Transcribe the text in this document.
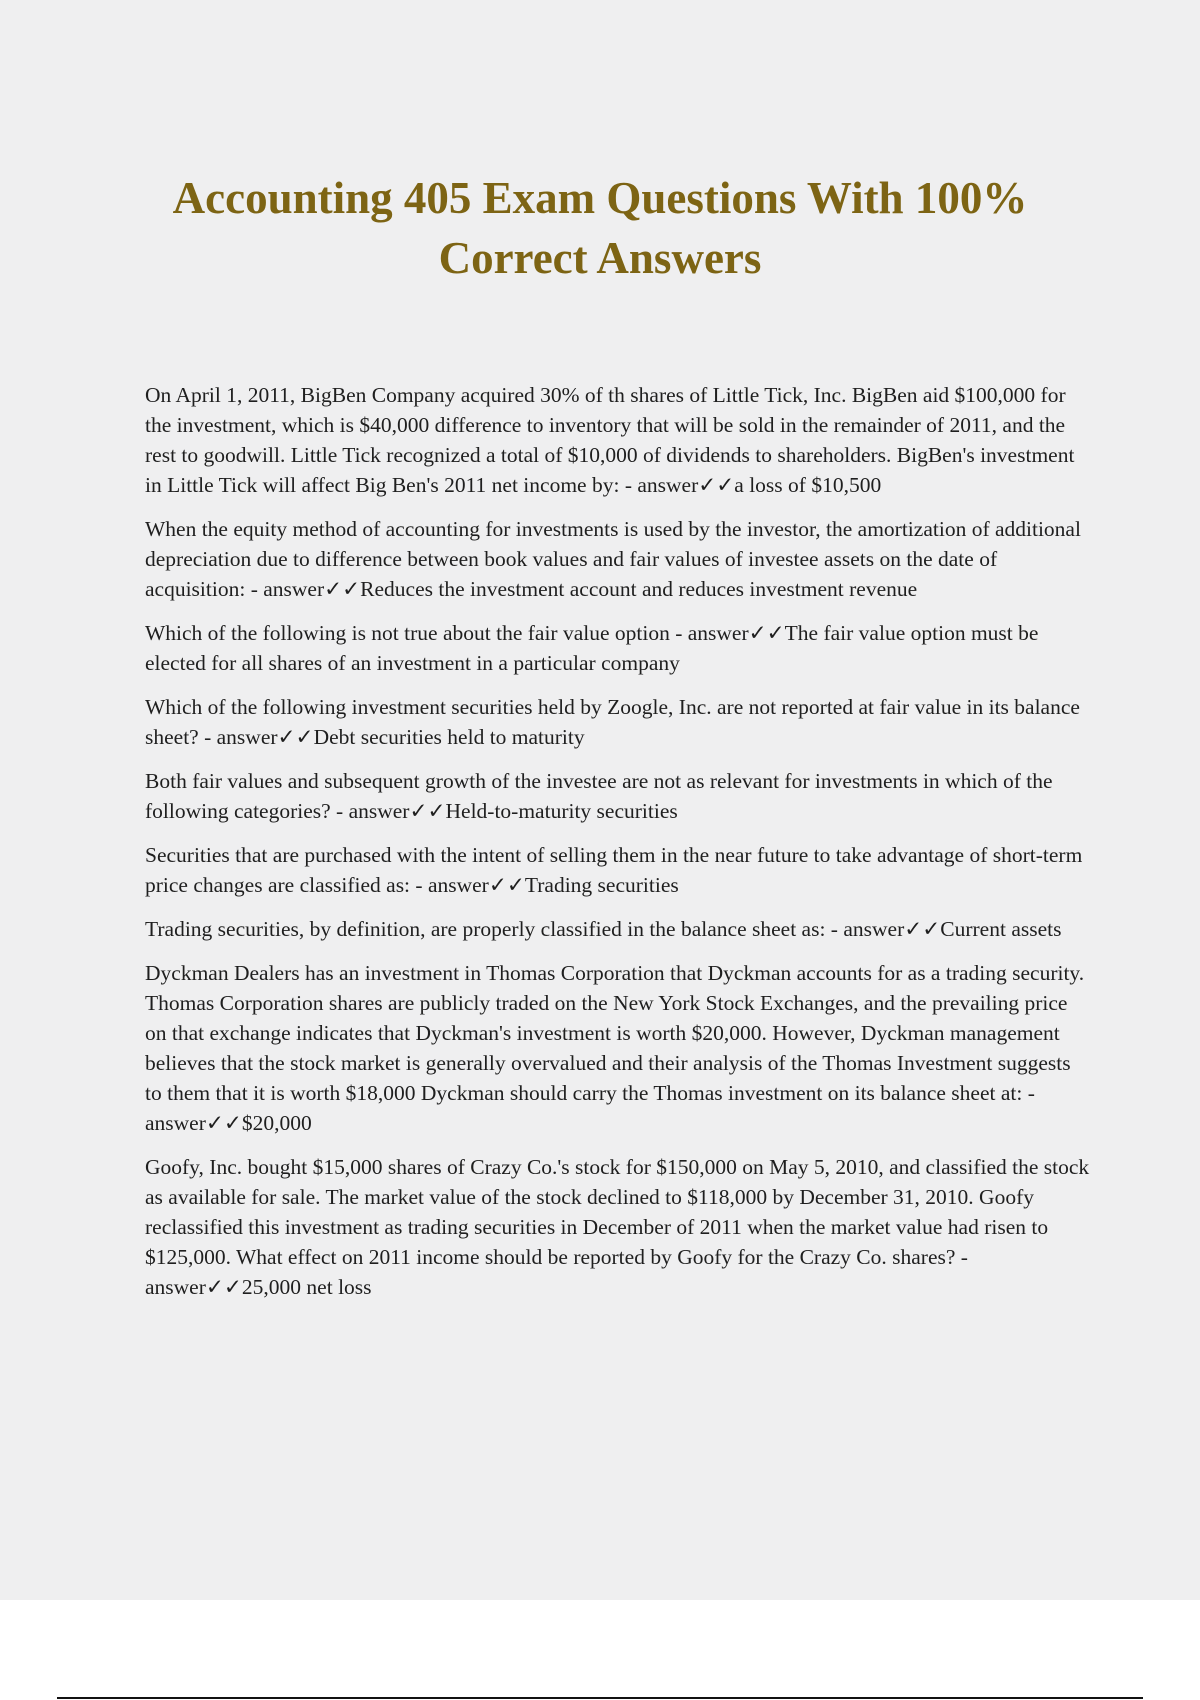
Accounting 405 Exam Questions With 100% Correct Answers

On April 1, 2011, BigBen Company acquired 30% of th shares of Little Tick, Inc. BigBen aid $100,000 for the investment, which is $40,000 difference to inventory that will be sold in the remainder of 2011, and the rest to goodwill. Little Tick recognized a total of $10,000 of dividends to shareholders. BigBen's investment in Little Tick will affect Big Ben's 2011 net income by: - answer✓✓a loss of $10,500

When the equity method of accounting for investments is used by the investor, the amortization of additional depreciation due to difference between book values and fair values of investee assets on the date of acquisition: - answer✓✓Reduces the investment account and reduces investment revenue

Which of the following is not true about the fair value option - answer✓✓The fair value option must be elected for all shares of an investment in a particular company

Which of the following investment securities held by Zoogle, Inc. are not reported at fair value in its balance sheet? - answer✓✓Debt securities held to maturity

Both fair values and subsequent growth of the investee are not as relevant for investments in which of the following categories? - answer✓✓Held-to-maturity securities

Securities that are purchased with the intent of selling them in the near future to take advantage of short-term price changes are classified as: - answer✓✓Trading securities

Trading securities, by definition, are properly classified in the balance sheet as: - answer✓✓Current assets

Dyckman Dealers has an investment in Thomas Corporation that Dyckman accounts for as a trading security. Thomas Corporation shares are publicly traded on the New York Stock Exchanges, and the prevailing price on that exchange indicates that Dyckman's investment is worth $20,000. However, Dyckman management believes that the stock market is generally overvalued and their analysis of the Thomas Investment suggests to them that it is worth $18,000 Dyckman should carry the Thomas investment on its balance sheet at: - answer✓✓$20,000

Goofy, Inc. bought $15,000 shares of Crazy Co.'s stock for $150,000 on May 5, 2010, and classified the stock as available for sale. The market value of the stock declined to $118,000 by December 31, 2010. Goofy reclassified this investment as trading securities in December of 2011 when the market value had risen to $125,000. What effect on 2011 income should be reported by Goofy for the Crazy Co. shares? - answer✓✓25,000 net loss
